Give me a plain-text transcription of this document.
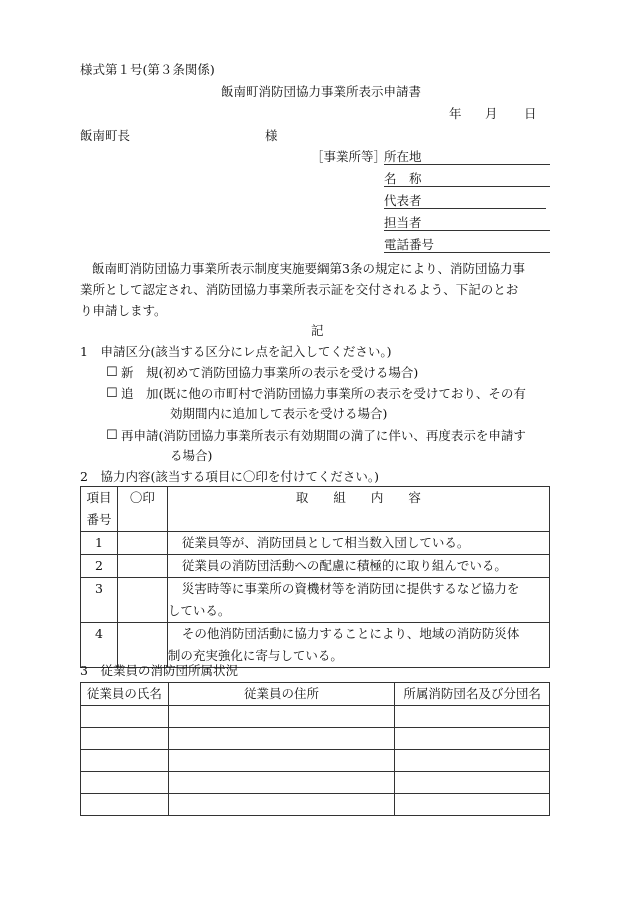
様式第１号(第３条関係)
飯南町消防団協力事業所表示申請書
年 月 日
飯南町長	様
［事業所等］
所在地
名　称
代表者
担当者
電話番号
飯南町消防団協力事業所表示制度実施要綱第3条の規定により、消防団協力事
業所として認定され、消防団協力事業所表示証を交付されるよう、下記のとお
り申請します。
記
1　申請区分(該当する区分にレ点を記入してください。)
☐ 新　規(初めて消防団協力事業所の表示を受ける場合)
☐ 追　加(既に他の市町村で消防団協力事業所の表示を受けており、その有
効期間内に追加して表示を受ける場合)
☐ 再申請(消防団協力事業所表示有効期間の満了に伴い、再度表示を申請す
る場合)
2　協力内容(該当する項目に〇印を付けてください。)
項目
番号	〇印	取　　組　　内　　容
1		従業員等が、消防団員として相当数入団している。
2		従業員の消防団活動への配慮に積極的に取り組んでいる。
3		災害時等に事業所の資機材等を消防団に提供するなど協力を
している。

4		その他消防団活動に協力することにより、地域の消防防災体
制の充実強化に寄与している。
3　従業員の消防団所属状況
従業員の氏名	従業員の住所	所属消防団名及び分団名
